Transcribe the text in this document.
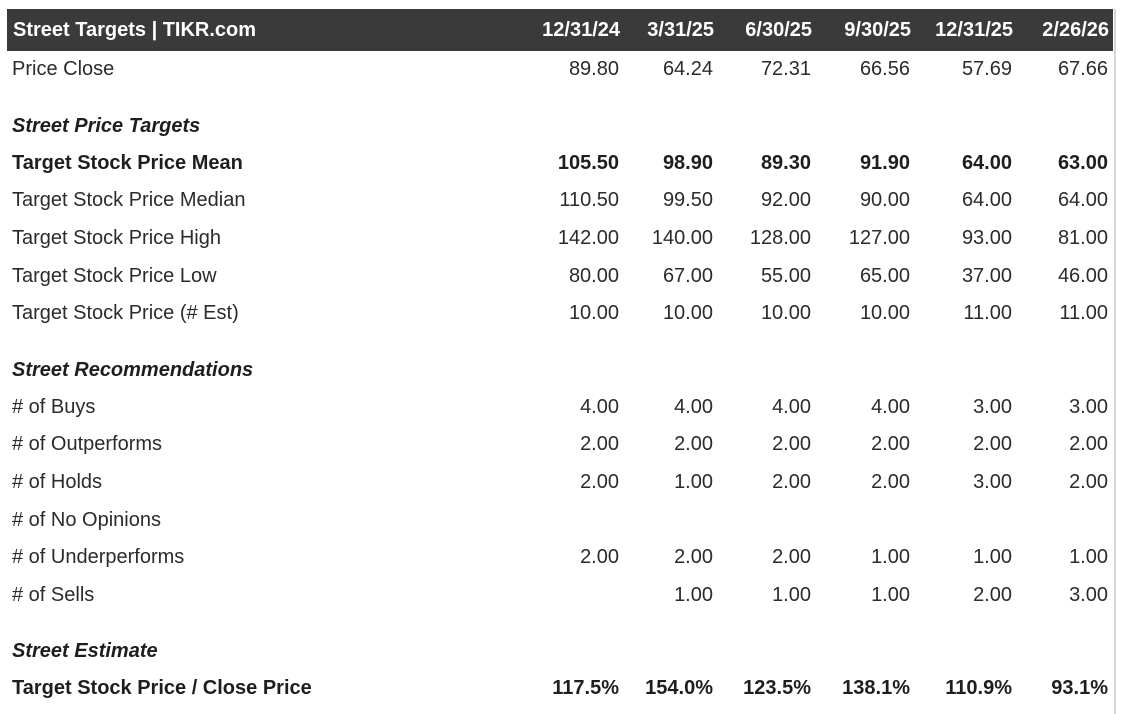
Street Targets | TIKR.com	12/31/24	3/31/25	6/30/25	9/30/25	12/31/25	2/26/26
Price Close	89.80	64.24	72.31	66.56	57.69	67.66

Street Price Targets						
Target Stock Price Mean	105.50	98.90	89.30	91.90	64.00	63.00
Target Stock Price Median	110.50	99.50	92.00	90.00	64.00	64.00
Target Stock Price High	142.00	140.00	128.00	127.00	93.00	81.00
Target Stock Price Low	80.00	67.00	55.00	65.00	37.00	46.00
Target Stock Price (# Est)	10.00	10.00	10.00	10.00	11.00	11.00

Street Recommendations						
# of Buys	4.00	4.00	4.00	4.00	3.00	3.00
# of Outperforms	2.00	2.00	2.00	2.00	2.00	2.00
# of Holds	2.00	1.00	2.00	2.00	3.00	2.00
# of No Opinions						
# of Underperforms	2.00	2.00	2.00	1.00	1.00	1.00
# of Sells		1.00	1.00	1.00	2.00	3.00

Street Estimate						
Target Stock Price / Close Price	117.5%	154.0%	123.5%	138.1%	110.9%	93.1%
